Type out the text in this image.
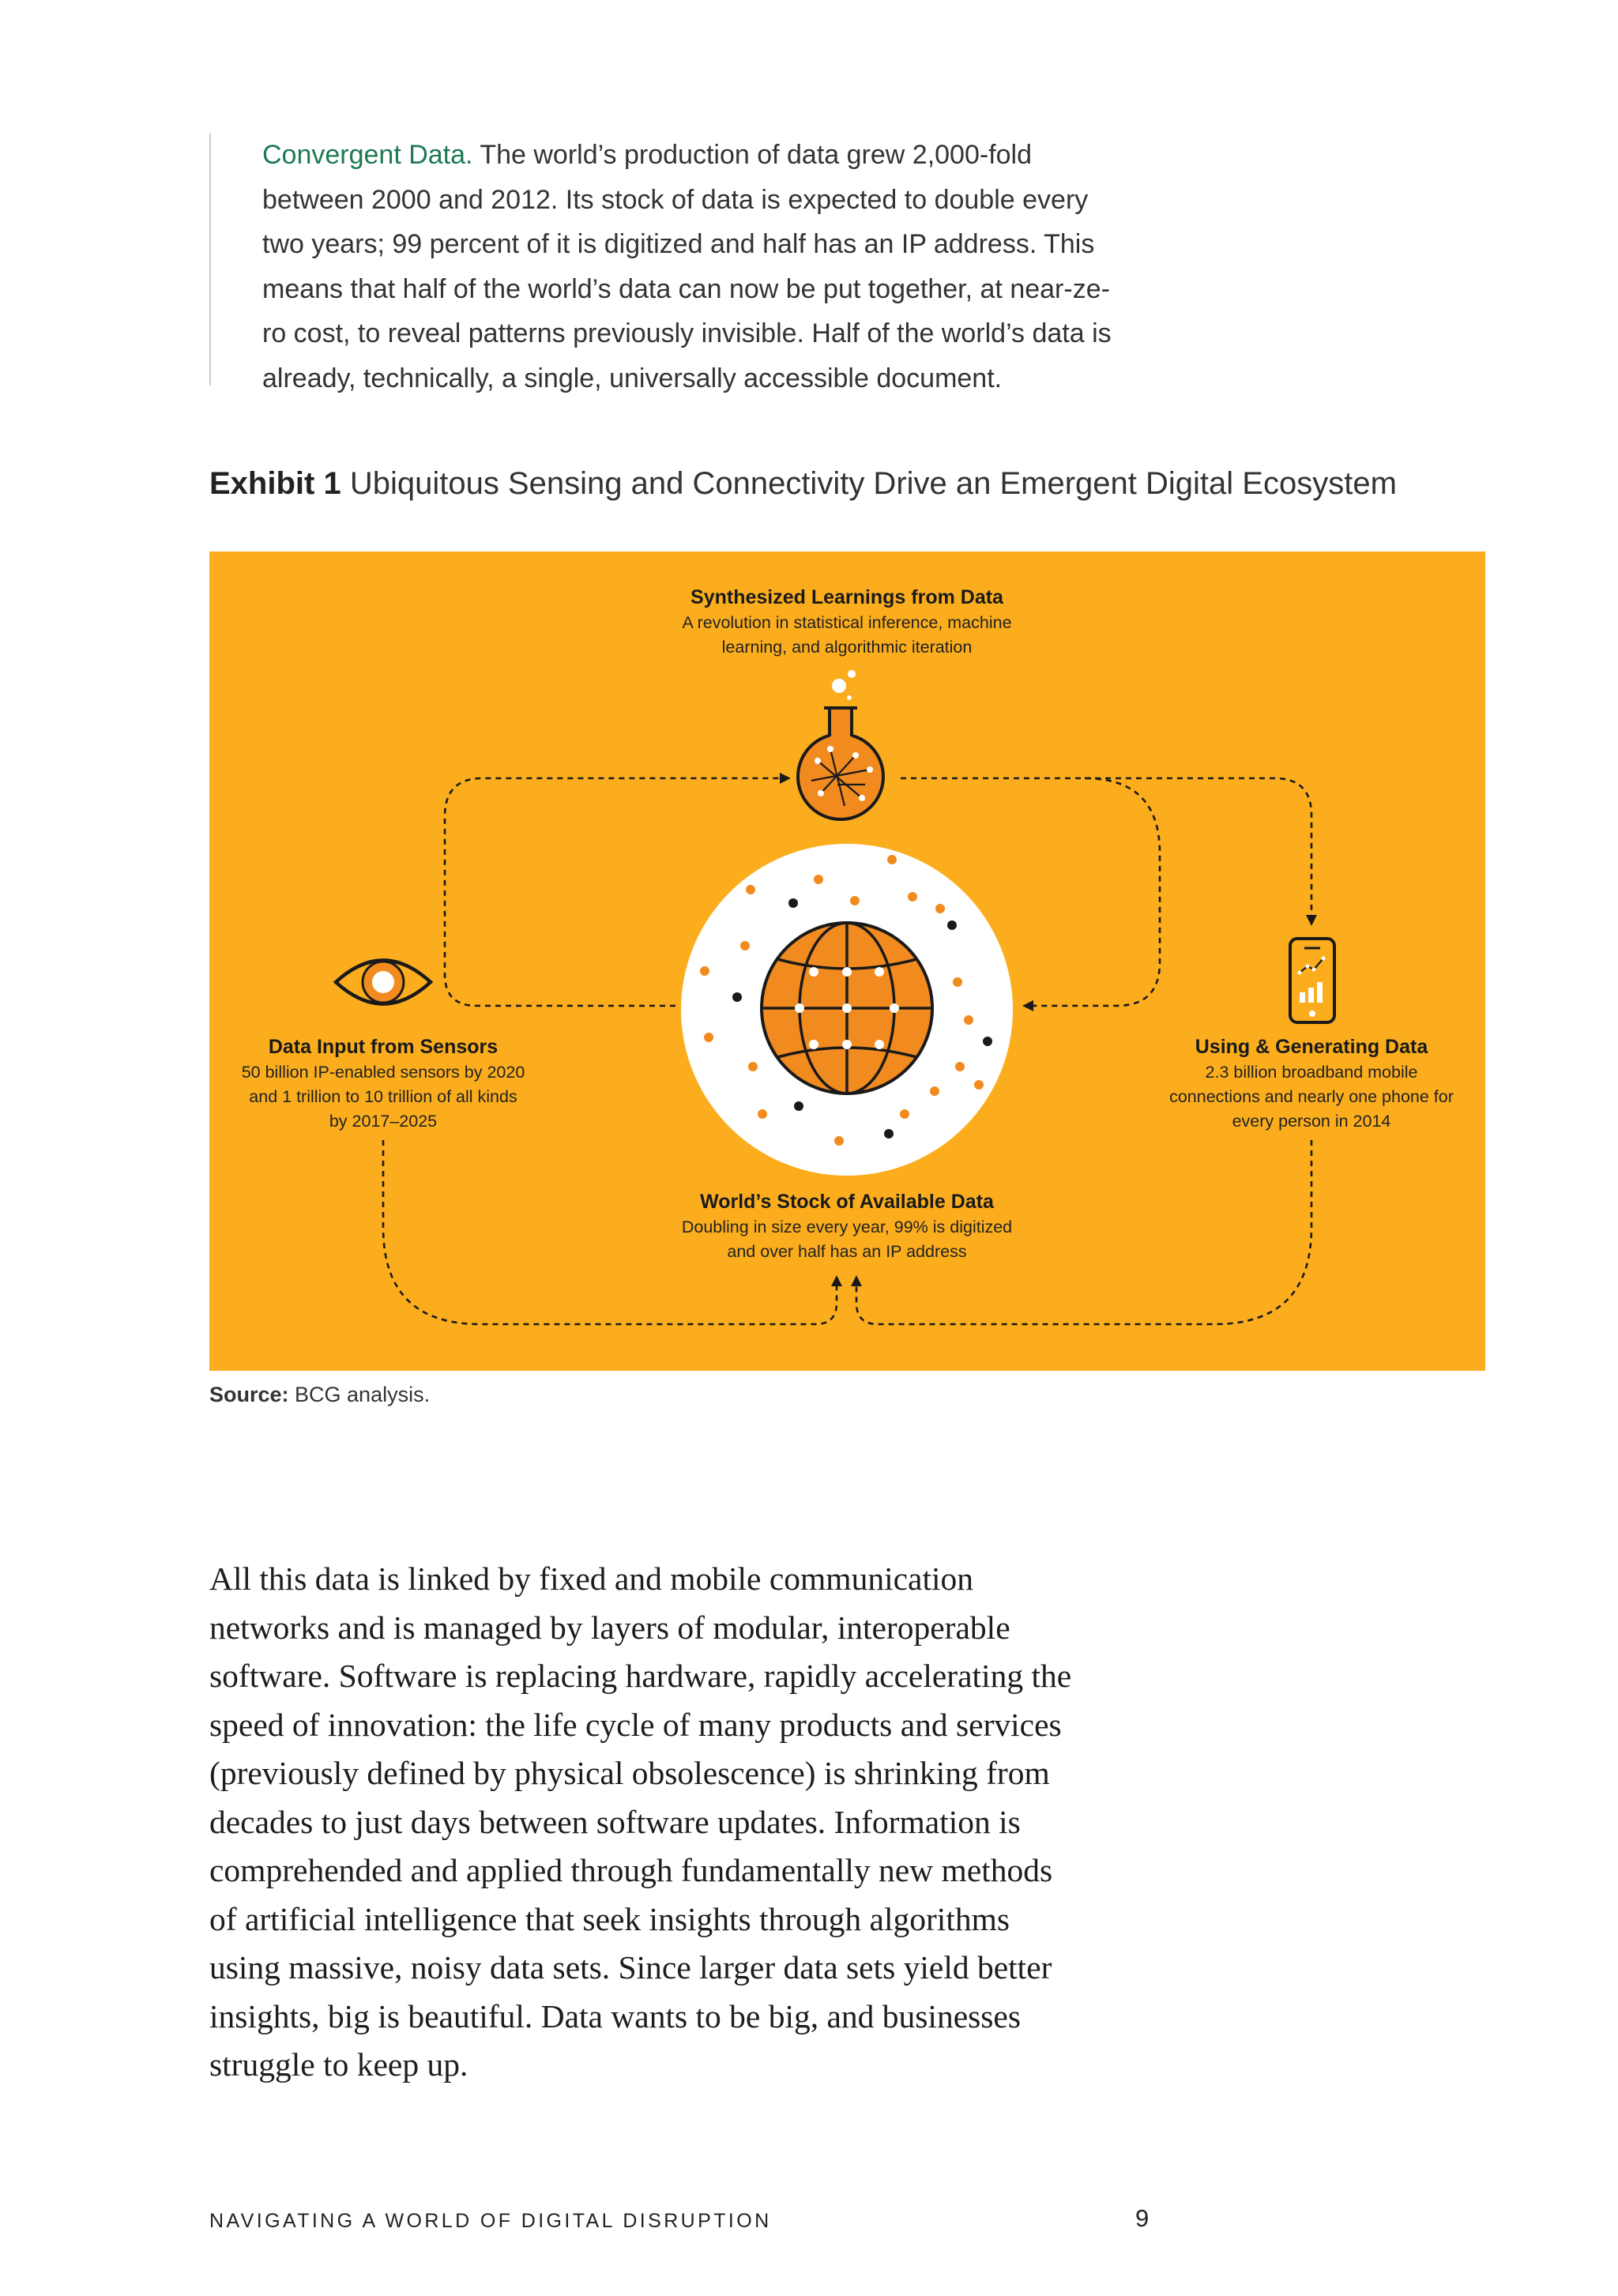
Convergent Data. The world’s production of data grew 2,000-fold
between 2000 and 2012. Its stock of data is expected to double every
two years; 99 percent of it is digitized and half has an IP address. This
means that half of the world’s data can now be put together, at near-ze-
ro cost, to reveal patterns previously invisible. Half of the world’s data is
already, technically, a single, universally accessible document.

Exhibit 1 Ubiquitous Sensing and Connectivity Drive an Emergent Digital Ecosystem

Synthesized Learnings from Data
A revolution in statistical inference, machine
learning, and algorithmic iteration
Data Input from Sensors
50 billion IP-enabled sensors by 2020
and 1 trillion to 10 trillion of all kinds
by 2017–2025
Using & Generating Data
2.3 billion broadband mobile
connections and nearly one phone for
every person in 2014
World’s Stock of Available Data
Doubling in size every year, 99% is digitized
and over half has an IP address

Source: BCG analysis.

All this data is linked by fixed and mobile communication
networks and is managed by layers of modular, interoperable
software. Software is replacing hardware, rapidly accelerating the
speed of innovation: the life cycle of many products and services
(previously defined by physical obsolescence) is shrinking from
decades to just days between software updates. Information is
comprehended and applied through fundamentally new methods
of artificial intelligence that seek insights through algorithms
using massive, noisy data sets. Since larger data sets yield better
insights, big is beautiful. Data wants to be big, and businesses
struggle to keep up.

NAVIGATING A WORLD OF DIGITAL DISRUPTION	9
